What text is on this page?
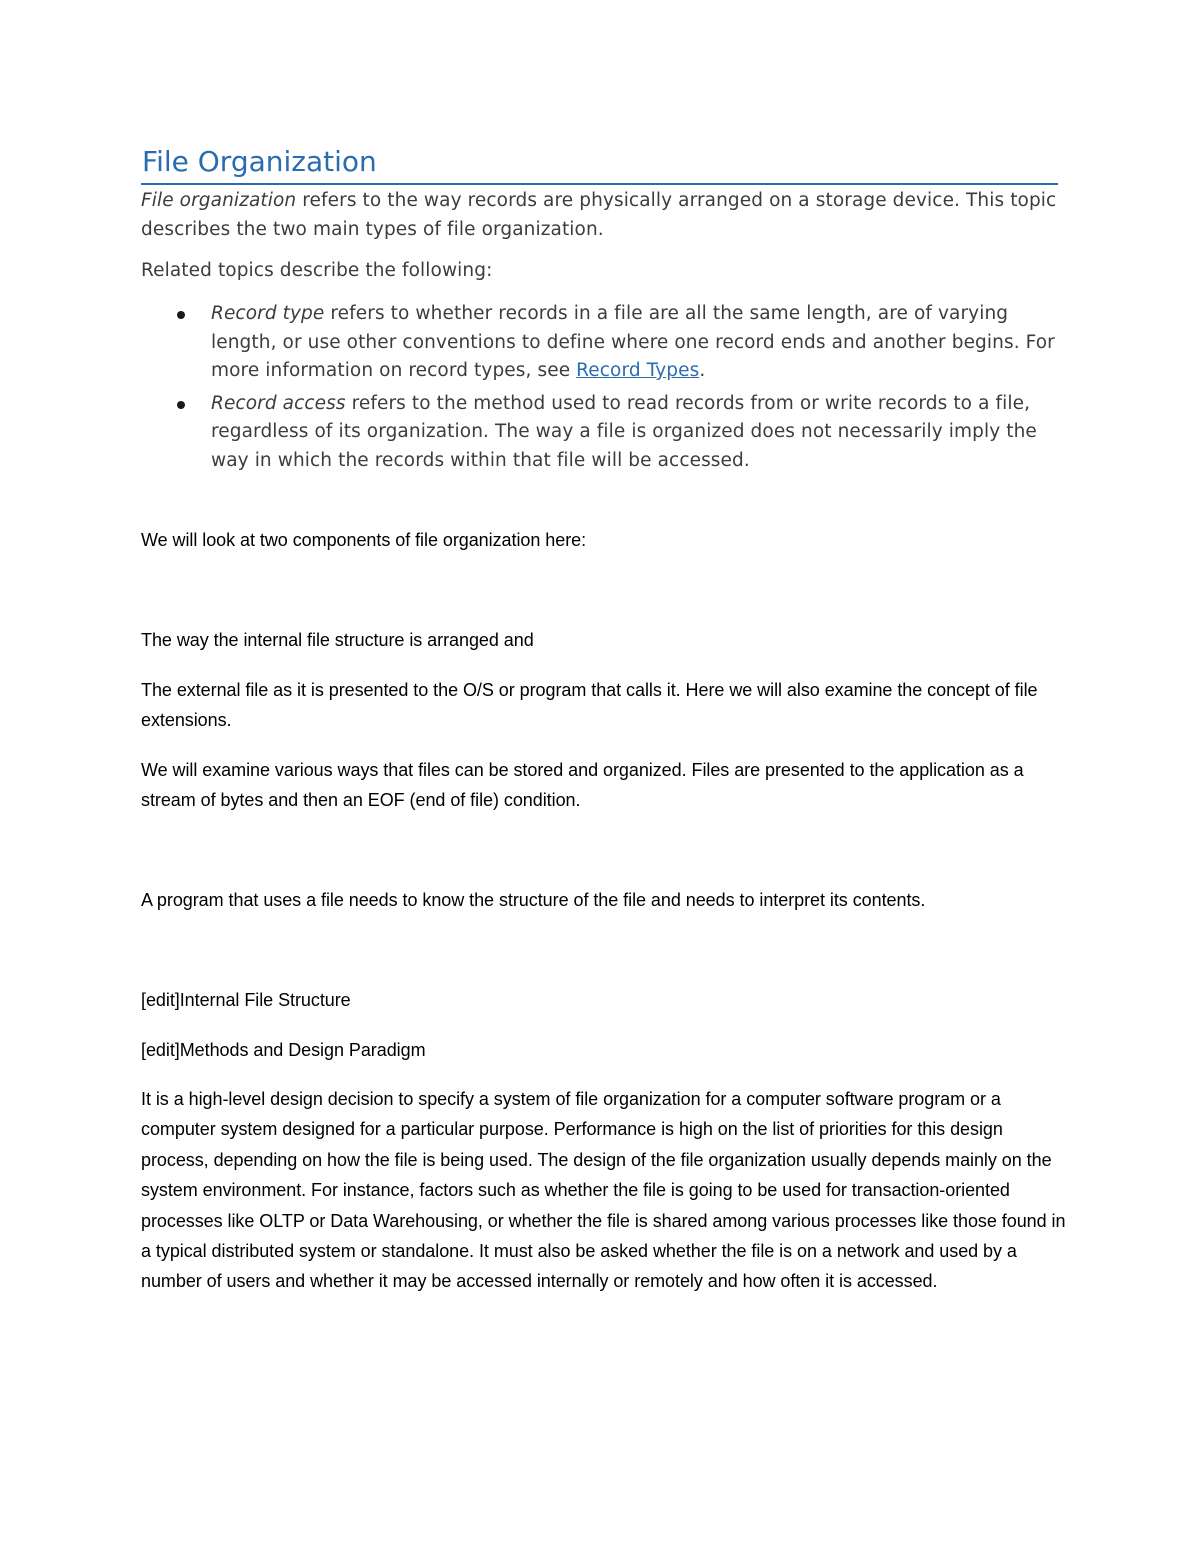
File Organization

File organization refers to the way records are physically arranged on a storage device. This topic describes the two main types of file organization.

Related topics describe the following:

Record type refers to whether records in a file are all the same length, are of varying length, or use other conventions to define where one record ends and another begins. For more information on record types, see Record Types.
Record access refers to the method used to read records from or write records to a file, regardless of its organization. The way a file is organized does not necessarily imply the way in which the records within that file will be accessed.

We will look at two components of file organization here:

The way the internal file structure is arranged and

The external file as it is presented to the O/S or program that calls it. Here we will also examine the concept of file extensions.

We will examine various ways that files can be stored and organized. Files are presented to the application as a stream of bytes and then an EOF (end of file) condition.

A program that uses a file needs to know the structure of the file and needs to interpret its contents.

[edit]Internal File Structure

[edit]Methods and Design Paradigm

It is a high-level design decision to specify a system of file organization for a computer software program or a computer system designed for a particular purpose. Performance is high on the list of priorities for this design process, depending on how the file is being used. The design of the file organization usually depends mainly on the system environment. For instance, factors such as whether the file is going to be used for transaction-oriented processes like OLTP or Data Warehousing, or whether the file is shared among various processes like those found in a typical distributed system or standalone. It must also be asked whether the file is on a network and used by a number of users and whether it may be accessed internally or remotely and how often it is accessed.
